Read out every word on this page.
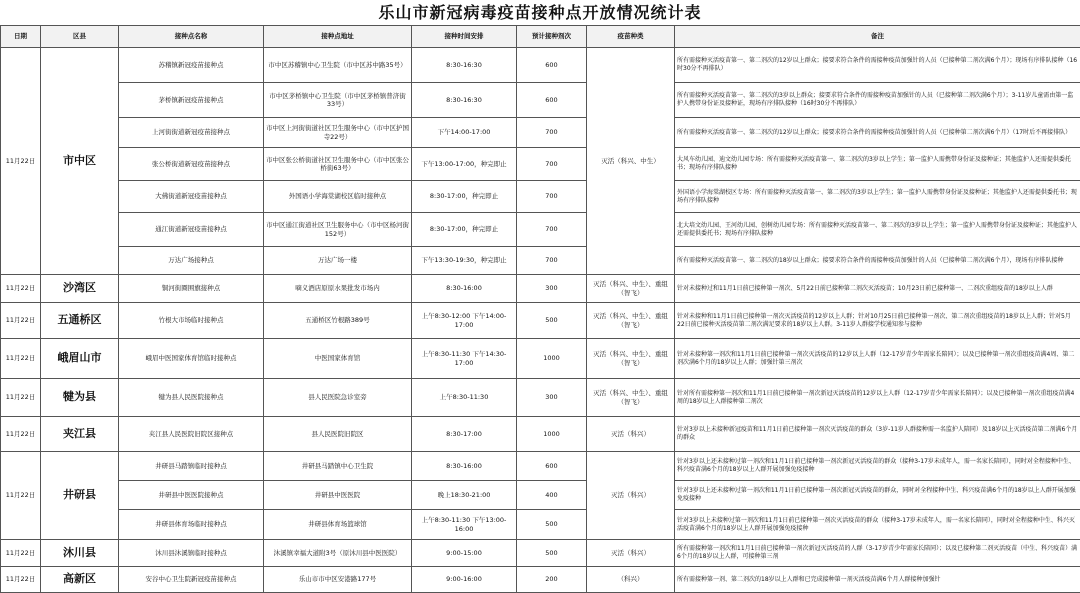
乐山市新冠病毒疫苗接种点开放情况统计表
日期	区县	接种点名称	接种点地址	接种时间安排	预计接种剂次	疫苗种类	备注
11月22日	市中区	苏稽镇新冠疫苗接种点	市中区苏稽镇中心卫生院（市中区苏中路35号）	8:30-16:30	600	灭活（科兴、中生）	所有需接种灭活疫苗第一、第二剂次的12岁以上群众；接要求符合条件的需接种疫苗加强针的人员（已接种第二剂次满6个月）；现场有序排队接种（16时30分不再排队）
		茅桥镇新冠疫苗接种点	市中区茅桥镇中心卫生院（市中区茅桥镇普济街33号）	8:30-16:30	600		所有需接种灭活疫苗第一、第二剂次的3岁以上群众；接要求符合条件的需接种疫苗加强针的人员（已接种第二剂次满6个月）；3-11岁儿童需由第一监护人携带身份证及接种证，现场有序排队接种（16时30分不再排队）
		上河街街道新冠疫苗接种点	市中区上河街街道社区卫生服务中心（市中区护国寺22号）	下午14:00-17:00	700		所有需接种灭活疫苗第一、第二剂次的12岁以上群众；接要求符合条件的需接种疫苗加强针的人员（已接种第二剂次满6个月）（17时后不再接排队）
		张公桥街道新冠疫苗接种点	市中区张公桥街道社区卫生服务中心（市中区张公桥街63号）	下午13:00-17:00，种完即止	700		大风车幼儿园、迪文幼儿园专场：所有需接种灭活疫苗第一、第二剂次的3岁以上学生；第一监护人需携带身份证及接种证；其他监护人还需提供委托书；现场有序排队接种
		大佛街道新冠疫苗接种点	外国语小学海棠湖校区临时接种点	8:30-17:00，种完即止	700		外国语小学海棠湖校区专场：所有需接种灭活疫苗第一、第二剂次的3岁以上学生；第一监护人需携带身份证及接种证；其他监护人还需提供委托书；现场有序排队接种
		通江街道新冠疫苗接种点	市中区通江街道社区卫生服务中心（市中区杨河街152号）	8:30-17:00，种完即止	700		北大培文幼儿园、王河幼儿园、创树幼儿园专场：所有需接种灭活疫苗第一、第二剂次的3岁以上学生；第一监护人需携带身份证及接种证；其他监护人还需提供委托书；现场有序排队接种
		万达广场接种点	万达广场一楼	下午13:30-19:30，种完即止	700		所有需接种灭活疫苗第一、第二剂次的18岁以上群众；接要求符合条件的需接种疫苗加强针的人员（已接种第二剂次满6个月），现场有序排队接种
11月22日	沙湾区	铜河街圈围旗接种点	嘀义酒店原原水果批发市场内	8:30-16:00	300	灭活（科兴、中生）、重组（智飞）	针对未接种过和11月1日前已接种第一剂次、5月22日前已接种第二剂次灭活疫苗；10月23日前已接种第一、二剂次重组疫苗的18岁以上人群
11月22日	五通桥区	竹根大市场临时接种点	五通桥区竹根路389号	上午8:30-12:00 下午14:00-17:00	500	灭活（科兴、中生）、重组（智飞）	针对未接种和11月1日前已接种第一剂次灭活疫苗的12岁以上人群；针对10月25日前已接种第一剂次、第二剂次重组疫苗的18岁以上人群；针对5月22日前已接种灭活疫苗第二剂次满足要求的18岁以上人群。3-11岁人群接学校通知参与接种
11月22日	峨眉山市	峨眉中医国家体育馆临时接种点	中医国家体育馆	上午8:30-11:30 下午14:30-17:00	1000	灭活（科兴、中生）、重组（智飞）	针对未接种第一剂次和11月1日前已接种第一剂次灭活疫苗的12岁以上人群（12-17岁青少年需家长陪同）；以及已接种第一剂次重组疫苗满4周、第二剂次满6个月的18岁以上人群；加强针第三剂次
11月22日	犍为县	犍为县人民医院接种点	县人民医院急诊室旁	上午8:30-11:30	300	灭活（科兴、中生）、重组（智飞）	针对所有需接种第一剂次和11月1日前已接种第一剂次新冠灭活疫苗的12岁以上人群（12-17岁青少年需家长陪同）；以及已接种第一剂次重组疫苗满4周的18岁以上人群接种第二剂次
11月22日	夹江县	夹江县人民医院旧院区接种点	县人民医院旧院区	8:30-17:00	1000	灭活（科兴）	针对3岁以上未接种新冠疫苗和11月1日前已接种第一剂次灭活疫苗的群众（3岁-11岁人群接种需一名监护人陪同）及18岁以上灭活疫苗第二剂满6个月的群众
11月22日	井研县	井研县马踏镇临时接种点	井研县马踏镇中心卫生院	8:30-16:00	600	灭活（科兴）	针对3岁以上还未接种过第一剂次和11月1日前已接种第一剂次新冠灭活疫苗的群众（接种3-17岁未成年人，需一名家长陪同），同时对全程接种中生、科兴疫苗满6个月的18岁以上人群开展加强免疫接种
		井研县中医医院接种点	井研县中医医院	晚上18:30-21:00	400		针对3岁以上还未接种过第一剂次和11月1日前已接种第一剂次新冠灭活疫苗的群众，同时对全程接种中生、科兴疫苗满6个月的18岁以上人群开展加强免疫接种
		井研县体育场临时接种点	井研县体育场篮球馆	上午8:30-11:30 下午13:00-16:00	500		针对3岁以上未接种过第一剂次和11月1日前已接种第一剂次灭活疫苗的群众（接种3-17岁未成年人，需一名家长陪同），同时对全程接种中生、科兴灭活疫苗满6个月的18岁以上人群开展加强免疫接种
11月22日	沐川县	沐川县沐溪镇临时接种点	沐溪镇幸福大道附3号（原沐川县中医医院）	9:00-15:00	500	灭活（科兴）	所有需接种第一剂次和11月1日前已接种第一剂次新冠灭活疫苗的人群（3-17岁青少年需家长陪同）；以及已接种第二剂灭活疫苗（中生、科兴疫苗）满6个月的18岁以上人群，可接种第三剂
11月22日	高新区	安谷中心卫生院新冠疫苗接种点	乐山市市中区安港路177号	9:00-16:00	200	（科兴）	所有需接种第一剂、第二剂次的18岁以上人群和已完成接种第一剂灭活疫苗满6个月人群接种加强针
